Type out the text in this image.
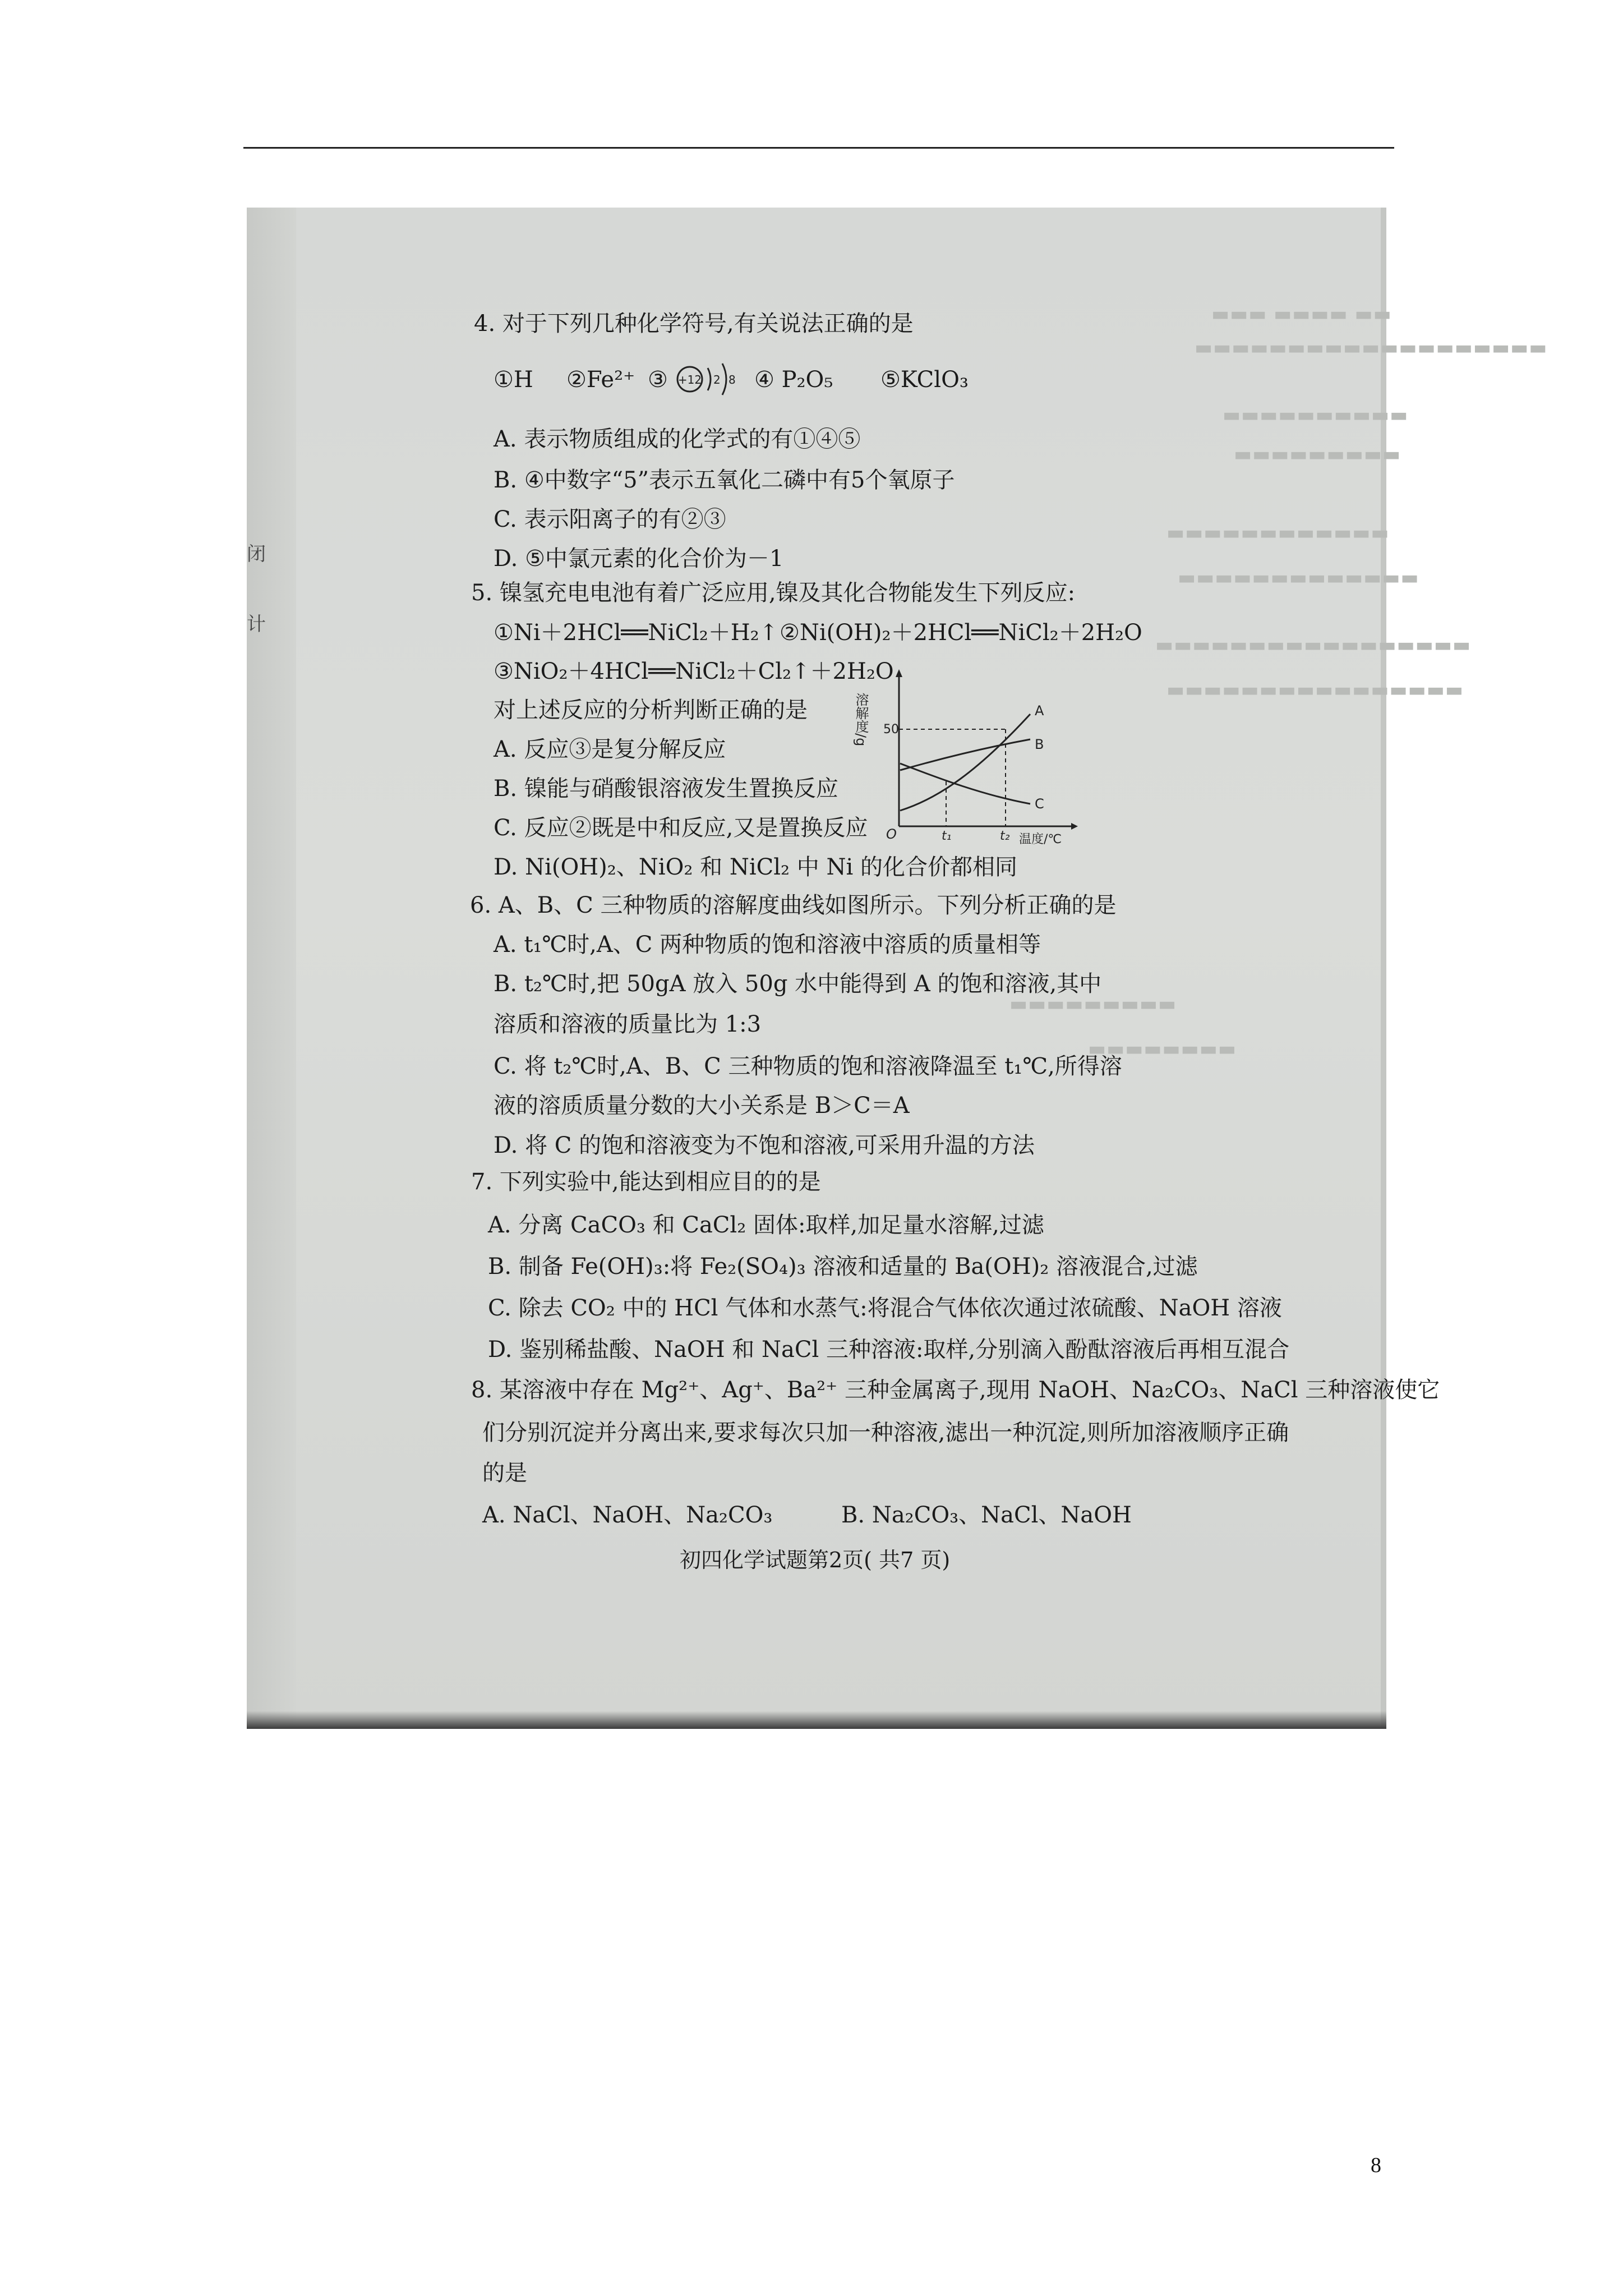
闭
计
▬▬▬ ▬▬▬▬ ▬▬
▬▬▬▬▬▬▬▬▬▬▬▬▬▬▬▬▬▬▬
▬▬▬▬▬▬▬▬▬▬
▬▬▬▬▬▬▬▬▬
▬▬▬▬▬▬▬▬▬▬▬▬
▬▬▬▬▬▬▬▬▬▬▬▬▬
▬▬▬▬▬▬▬▬▬▬▬▬▬▬▬▬▬
▬▬▬▬▬▬▬▬▬▬▬▬▬▬▬▬
▬▬▬▬▬▬▬▬▬
▬▬▬▬▬▬▬▬
4. 对于下列几种化学符号,有关说法正确的是
①H ②Fe²⁺ ③ +12 2 8 ④ P₂O₅ ⑤KClO₃
A. 表示物质组成的化学式的有①④⑤
B. ④中数字“5”表示五氧化二磷中有5个氧原子
C. 表示阳离子的有②③
D. ⑤中氯元素的化合价为－1
5. 镍氢充电电池有着广泛应用,镍及其化合物能发生下列反应:
①Ni＋2HCl══NiCl₂＋H₂↑ ②Ni(OH)₂＋2HCl══NiCl₂＋2H₂O
③NiO₂＋4HCl══NiCl₂＋Cl₂↑＋2H₂O
对上述反应的分析判断正确的是
A. 反应③是复分解反应
B. 镍能与硝酸银溶液发生置换反应
C. 反应②既是中和反应,又是置换反应
D. Ni(OH)₂、NiO₂ 和 NiCl₂ 中 Ni 的化合价都相同
6. A、B、C 三种物质的溶解度曲线如图所示。下列分析正确的是
A. t₁℃时,A、C 两种物质的饱和溶液中溶质的质量相等
B. t₂℃时,把 50gA 放入 50g 水中能得到 A 的饱和溶液,其中
溶质和溶液的质量比为 1:3
C. 将 t₂℃时,A、B、C 三种物质的饱和溶液降温至 t₁℃,所得溶
液的溶质质量分数的大小关系是 B＞C＝A
D. 将 C 的饱和溶液变为不饱和溶液,可采用升温的方法
溶解度/g 50
A
B
C
O	t₁	t₂ 温度/℃
7. 下列实验中,能达到相应目的的是
A. 分离 CaCO₃ 和 CaCl₂ 固体:取样,加足量水溶解,过滤
B. 制备 Fe(OH)₃:将 Fe₂(SO₄)₃ 溶液和适量的 Ba(OH)₂ 溶液混合,过滤
C. 除去 CO₂ 中的 HCl 气体和水蒸气:将混合气体依次通过浓硫酸、NaOH 溶液
D. 鉴别稀盐酸、NaOH 和 NaCl 三种溶液:取样,分别滴入酚酞溶液后再相互混合
8. 某溶液中存在 Mg²⁺、Ag⁺、Ba²⁺ 三种金属离子,现用 NaOH、Na₂CO₃、NaCl 三种溶液使它
们分别沉淀并分离出来,要求每次只加一种溶液,滤出一种沉淀,则所加溶液顺序正确
的是
A. NaCl、NaOH、Na₂CO₃	B. Na₂CO₃、NaCl、NaOH
初四化学试题第2页( 共7 页)
8
